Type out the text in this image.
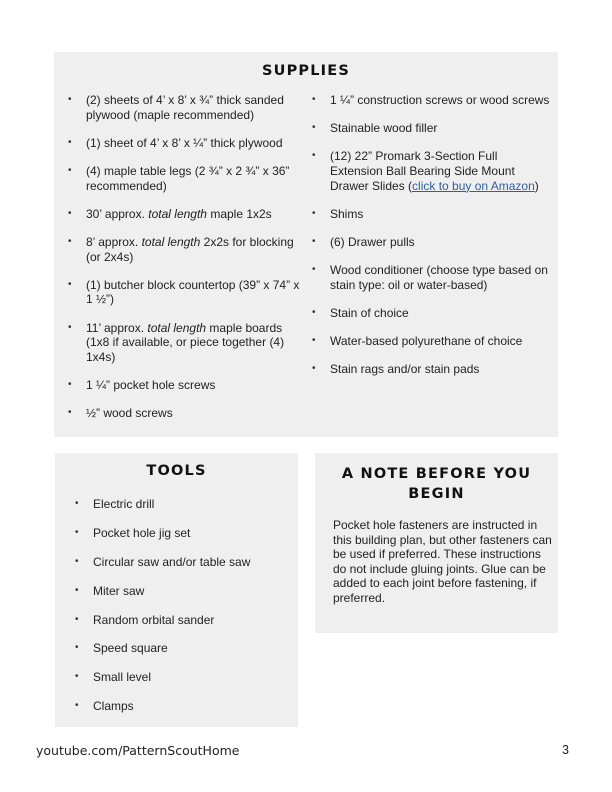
SUPPLIES
• (2) sheets of 4’ x 8’ x ¾” thick sanded plywood (maple recommended)
• (1) sheet of 4’ x 8’ x ¼” thick plywood
• (4) maple table legs (2 ¾” x 2 ¾” x 36” recommended)
• 30’ approx. total length maple 1x2s
• 8’ approx. total length 2x2s for blocking (or 2x4s)
• (1) butcher block countertop (39” x 74” x 1 ½”)
• 11’ approx. total length maple boards (1x8 if available, or piece together (4) 1x4s)
• 1 ¼” pocket hole screws
• ½” wood screws
• 1 ¼” construction screws or wood screws
• Stainable wood filler
• (12) 22” Promark 3-Section Full Extension Ball Bearing Side Mount Drawer Slides (click to buy on Amazon)
• Shims
• (6) Drawer pulls
• Wood conditioner (choose type based on stain type: oil or water-based)
• Stain of choice
• Water-based polyurethane of choice
• Stain rags and/or stain pads
TOOLS
• Electric drill
• Pocket hole jig set
• Circular saw and/or table saw
• Miter saw
• Random orbital sander
• Speed square
• Small level
• Clamps
A NOTE BEFORE YOU BEGIN

Pocket hole fasteners are instructed in this building plan, but other fasteners can be used if preferred. These instructions do not include gluing joints. Glue can be added to each joint before fastening, if preferred.

youtube.com/PatternScoutHome	3
